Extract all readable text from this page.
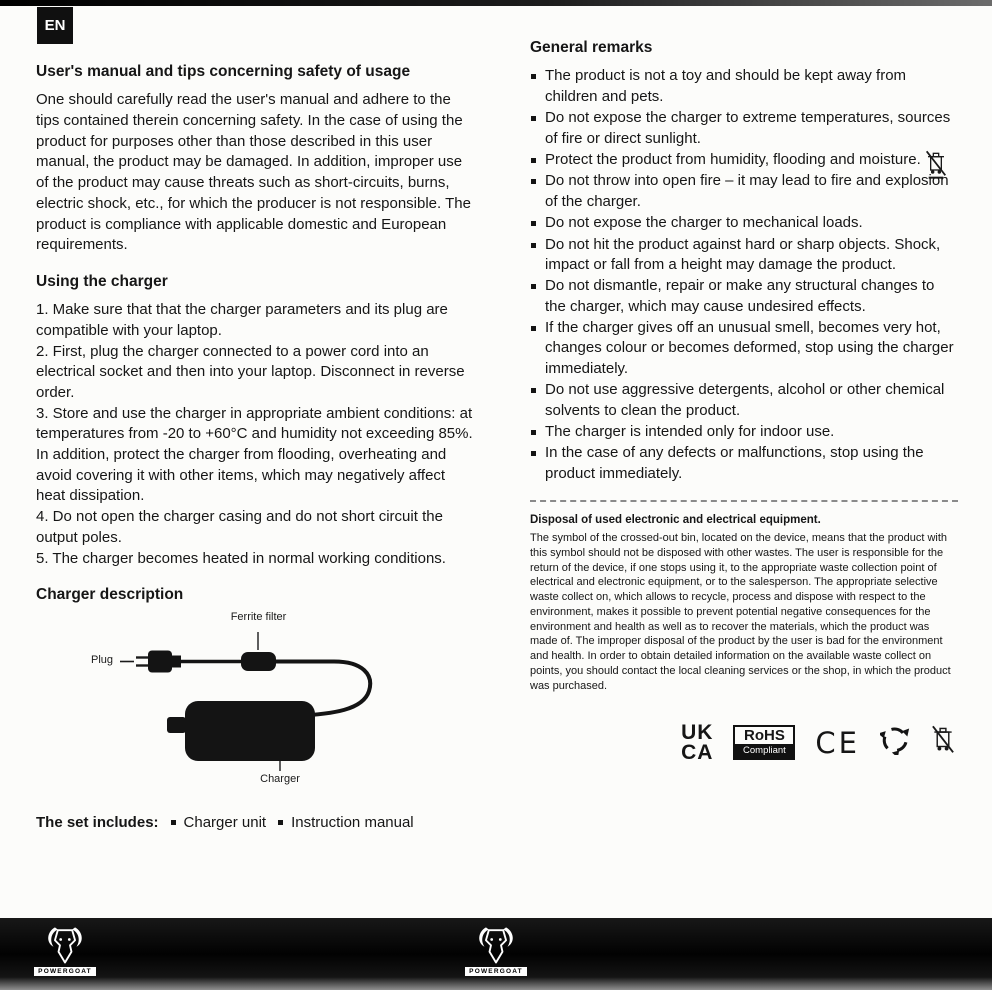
EN
User's manual and tips concerning safety of usage

One should carefully read the user's manual and adhere to the tips contained therein concerning safety. In the case of using the product for purposes other than those described in this user manual, the product may be damaged. In addition, improper use of the product may cause threats such as short-circuits, burns, electric shock, etc., for which the producer is not responsible. The product is compliance with applicable domestic and European requirements.

Using the charger

1. Make sure that that the charger parameters and its plug are compatible with your laptop.

2. First, plug the charger connected to a power cord into an electrical socket and then into your laptop. Disconnect in reverse order.

3. Store and use the charger in appropriate ambient conditions: at temperatures from -20 to +60°C and humidity not exceeding 85%. In addition, protect the charger from flooding, overheating and avoid covering it with other items, which may negatively affect heat dissipation.

4. Do not open the charger casing and do not short circuit the output poles.

5. The charger becomes heated in normal working conditions.

Charger description
Ferrite filter
Plug
Charger
The set includes:	Charger unit	Instruction manual
General remarks
The product is not a toy and should be kept away from children and pets.
Do not expose the charger to extreme temperatures, sources of fire or direct sunlight.
Protect the product from humidity, flooding and moisture.
Do not throw into open fire – it may lead to fire and explosion of the charger.
Do not expose the charger to mechanical loads.
Do not hit the product against hard or sharp objects. Shock, impact or fall from a height may damage the product.
Do not dismantle, repair or make any structural changes to the charger, which may cause undesired effects.
If the charger gives off an unusual smell, becomes very hot, changes colour or becomes deformed, stop using the charger immediately.
Do not use aggressive detergents, alcohol or other chemical solvents to clean the product.
The charger is intended only for indoor use.
In the case of any defects or malfunctions, stop using the product immediately.

Disposal of used electronic and electrical equipment.

The symbol of the crossed-out bin, located on the device, means that the product with this symbol should not be disposed with other wastes. The user is responsible for the return of the device, if one stops using it, to the appropriate waste collection point of electrical and electronic equipment, or to the salesperson. The appropriate selective waste collect on, which allows to recycle, process and dispose with respect to the environment, makes it possible to prevent potential negative consequences for the environment and health as well as to recover the materials, which the product was made of. The improper disposal of the product by the user is bad for the environment and health. In order to obtain detailed information on the available waste collect on points, you should contact the local cleaning services or the shop, in which the product was purchased.

UK
CA
RoHS
Compliant CE
POWERGOAT	POWERGOAT
